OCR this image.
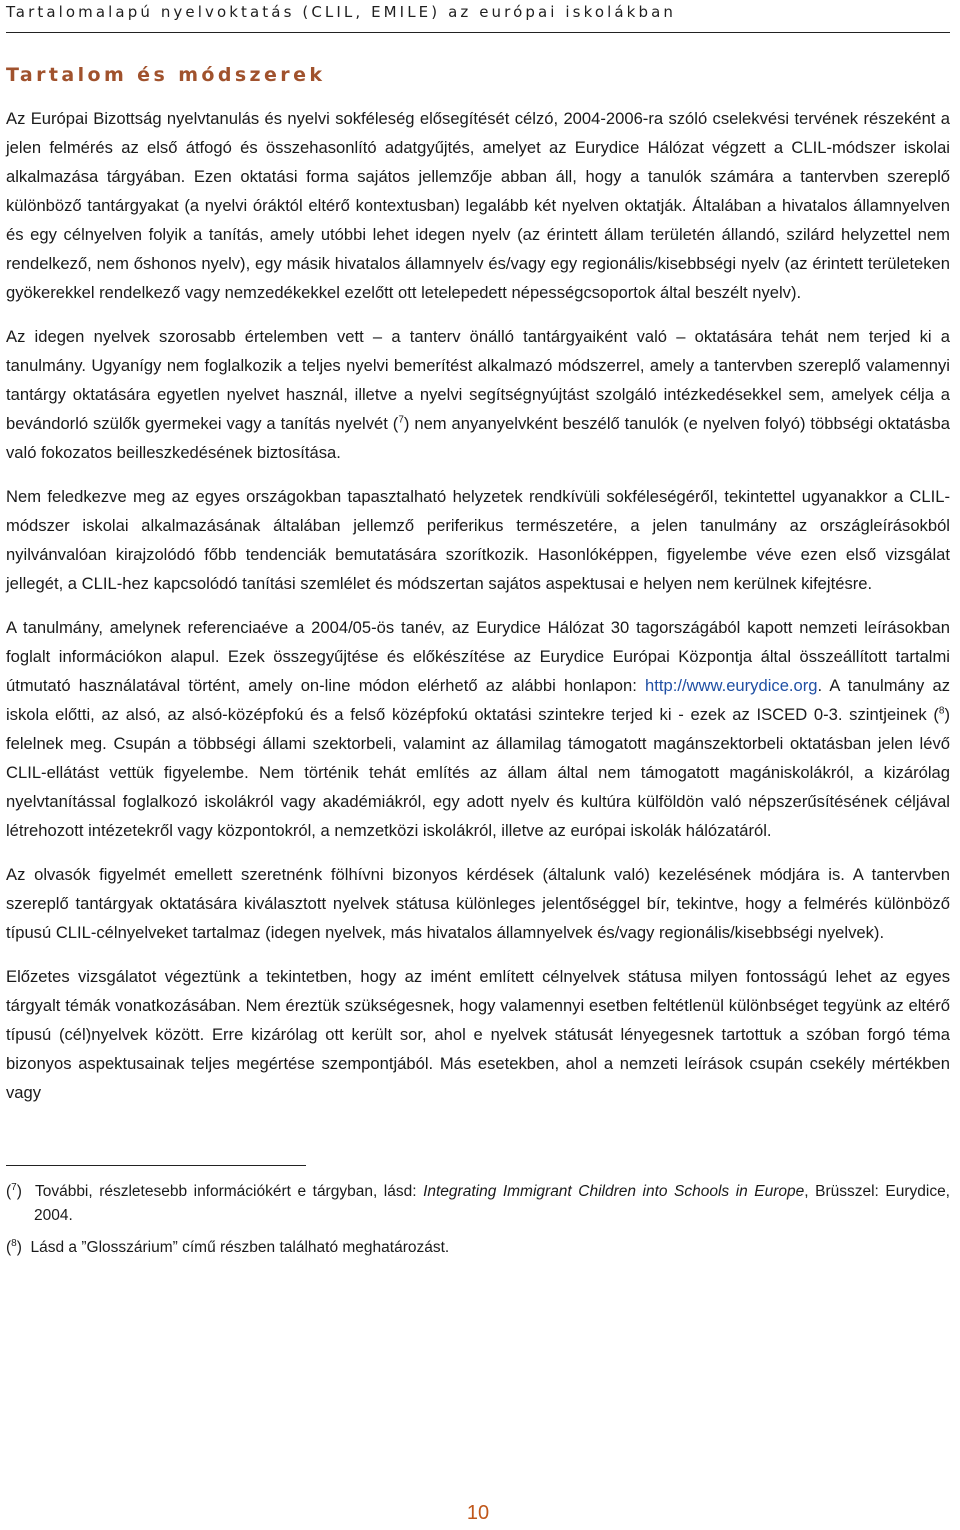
Tartalomalapú nyelvoktatás (CLIL, EMILE) az európai iskolákban
Tartalom és módszerek

Az Európai Bizottság nyelvtanulás és nyelvi sokféleség elősegítését célzó, 2004-2006-ra szóló cselekvési tervének részeként a jelen felmérés az első átfogó és összehasonlító adatgyűjtés, amelyet az Eurydice Hálózat végzett a CLIL-módszer iskolai alkalmazása tárgyában. Ezen oktatási forma sajátos jellemzője abban áll, hogy a tanulók számára a tantervben szereplő különböző tantárgyakat (a nyelvi óráktól eltérő kontextusban) legalább két nyelven oktatják. Általában a hivatalos államnyelven és egy célnyelven folyik a tanítás, amely utóbbi lehet idegen nyelv (az érintett állam területén állandó, szilárd helyzettel nem rendelkező, nem őshonos nyelv), egy másik hivatalos államnyelv és/vagy egy regionális/kisebbségi nyelv (az érintett területeken gyökerekkel rendelkező vagy nemzedékekkel ezelőtt ott letelepedett népességcsoportok által beszélt nyelv).

Az idegen nyelvek szorosabb értelemben vett – a tanterv önálló tantárgyaiként való – oktatására tehát nem terjed ki a tanulmány. Ugyanígy nem foglalkozik a teljes nyelvi bemerítést alkalmazó módszerrel, amely a tantervben szereplő valamennyi tantárgy oktatására egyetlen nyelvet használ, illetve a nyelvi segítségnyújtást szolgáló intézkedésekkel sem, amelyek célja a bevándorló szülők gyermekei vagy a tanítás nyelvét ($^7$) nem anyanyelvként beszélő tanulók (e nyelven folyó) többségi oktatásba való fokozatos beilleszkedésének biztosítása.

Nem feledkezve meg az egyes országokban tapasztalható helyzetek rendkívüli sokféleségéről, tekintettel ugyanakkor a CLIL-módszer iskolai alkalmazásának általában jellemző periferikus természetére, a jelen tanulmány az országleírásokból nyilvánvalóan kirajzolódó főbb tendenciák bemutatására szorítkozik. Hasonlóképpen, figyelembe véve ezen első vizsgálat jellegét, a CLIL-hez kapcsolódó tanítási szemlélet és módszertan sajátos aspektusai e helyen nem kerülnek kifejtésre.

A tanulmány, amelynek referenciaéve a 2004/05-ös tanév, az Eurydice Hálózat 30 tagországából kapott nemzeti leírásokban foglalt információkon alapul. Ezek összegyűjtése és előkészítése az Eurydice Európai Központja által összeállított tartalmi útmutató használatával történt, amely on-line módon elérhető az alábbi honlapon: http://www.eurydice.org. A tanulmány az iskola előtti, az alsó, az alsó-középfokú és a felső középfokú oktatási szintekre terjed ki - ezek az ISCED 0-3. szintjeinek ($^8$) felelnek meg. Csupán a többségi állami szektorbeli, valamint az államilag támogatott magánszektorbeli oktatásban jelen lévő CLIL-ellátást vettük figyelembe. Nem történik tehát említés az állam által nem támogatott magániskolákról, a kizárólag nyelvtanítással foglalkozó iskolákról vagy akadémiákról, egy adott nyelv és kultúra külföldön való népszerűsítésének céljával létrehozott intézetekről vagy központokról, a nemzetközi iskolákról, illetve az európai iskolák hálózatáról.

Az olvasók figyelmét emellett szeretnénk fölhívni bizonyos kérdések (általunk való) kezelésének módjára is. A tantervben szereplő tantárgyak oktatására kiválasztott nyelvek státusa különleges jelentőséggel bír, tekintve, hogy a felmérés különböző típusú CLIL-célnyelveket tartalmaz (idegen nyelvek, más hivatalos államnyelvek és/vagy regionális/kisebbségi nyelvek).

Előzetes vizsgálatot végeztünk a tekintetben, hogy az imént említett célnyelvek státusa milyen fontosságú lehet az egyes tárgyalt témák vonatkozásában. Nem éreztük szükségesnek, hogy valamennyi esetben feltétlenül különbséget tegyünk az eltérő típusú (cél)nyelvek között. Erre kizárólag ott került sor, ahol e nyelvek státusát lényegesnek tartottuk a szóban forgó téma bizonyos aspektusainak teljes megértése szempontjából. Más esetekben, ahol a nemzeti leírások csupán csekély mértékben vagy

($^7$)  További, részletesebb információkért e tárgyban, lásd: Integrating Immigrant Children into Schools in Europe, Brüsszel: Eurydice, 2004.

($^8$)  Lásd a ”Glosszárium” című részben található meghatározást.

10
